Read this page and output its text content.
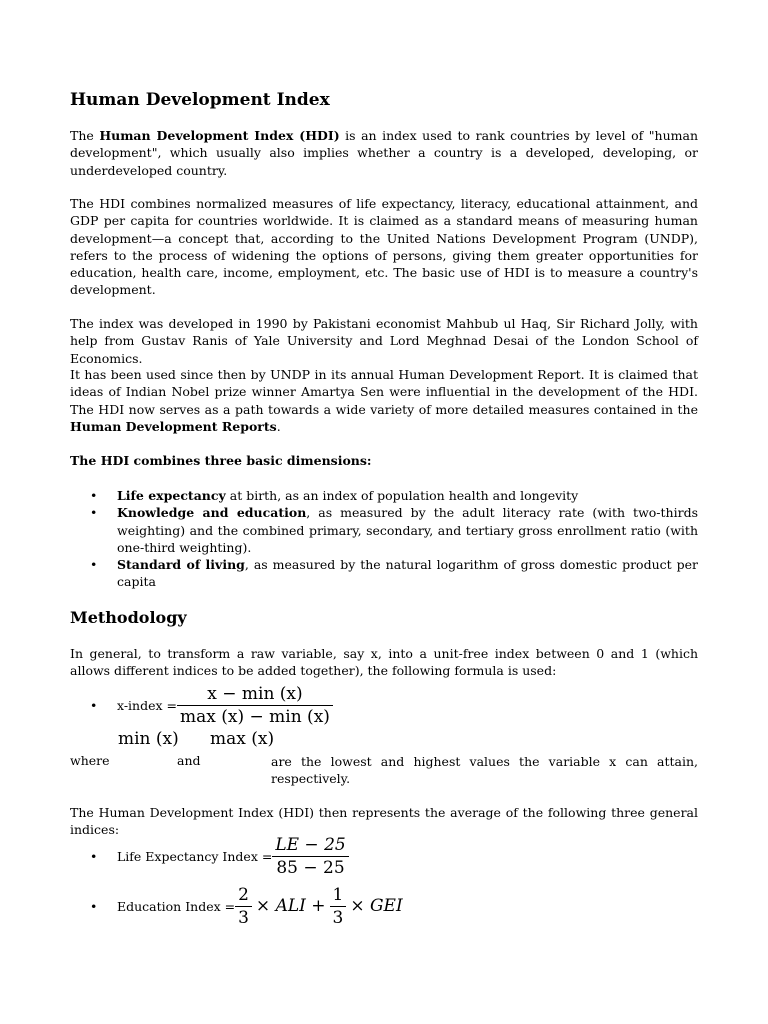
Human Development Index
The Human Development Index (HDI) is an index used to rank countries by level of "human development", which usually also implies whether a country is a developed, developing, or underdeveloped country.
The HDI combines normalized measures of life expectancy, literacy, educational attainment, and GDP per capita for countries worldwide. It is claimed as a standard means of measuring human development—a concept that, according to the United Nations Development Program (UNDP), refers to the process of widening the options of persons, giving them greater opportunities for education, health care, income, employment, etc. The basic use of HDI is to measure a country's development.
The index was developed in 1990 by Pakistani economist Mahbub ul Haq, Sir Richard Jolly, with help from Gustav Ranis of Yale University and Lord Meghnad Desai of the London School of Economics.
It has been used since then by UNDP in its annual Human Development Report. It is claimed that ideas of Indian Nobel prize winner Amartya Sen were influential in the development of the HDI. The HDI now serves as a path towards a wide variety of more detailed measures contained in the Human Development Reports.
The HDI combines three basic dimensions:
• Life expectancy at birth, as an index of population health and longevity
• Knowledge and education, as measured by the adult literacy rate (with two-thirds weighting) and the combined primary, secondary, and tertiary gross enrollment ratio (with one-third weighting).
• Standard of living, as measured by the natural logarithm of gross domestic product per capita
Methodology
In general, to transform a raw variable, say x, into a unit-free index between 0 and 1 (which allows different indices to be added together), the following formula is used:
•	x-index = $\frac{x - \min (x)}{\max (x) - \min (x)}$
min (x) max (x)
where	and	are the lowest and highest values the variable x can attain, respectively.
The Human Development Index (HDI) then represents the average of the following three general indices:
•	Life Expectancy Index = $\frac{LE - 25}{85 - 25}$
•	Education Index = $\frac{2}{3}$ × ALI + $\frac{1}{3}$ × GEI
